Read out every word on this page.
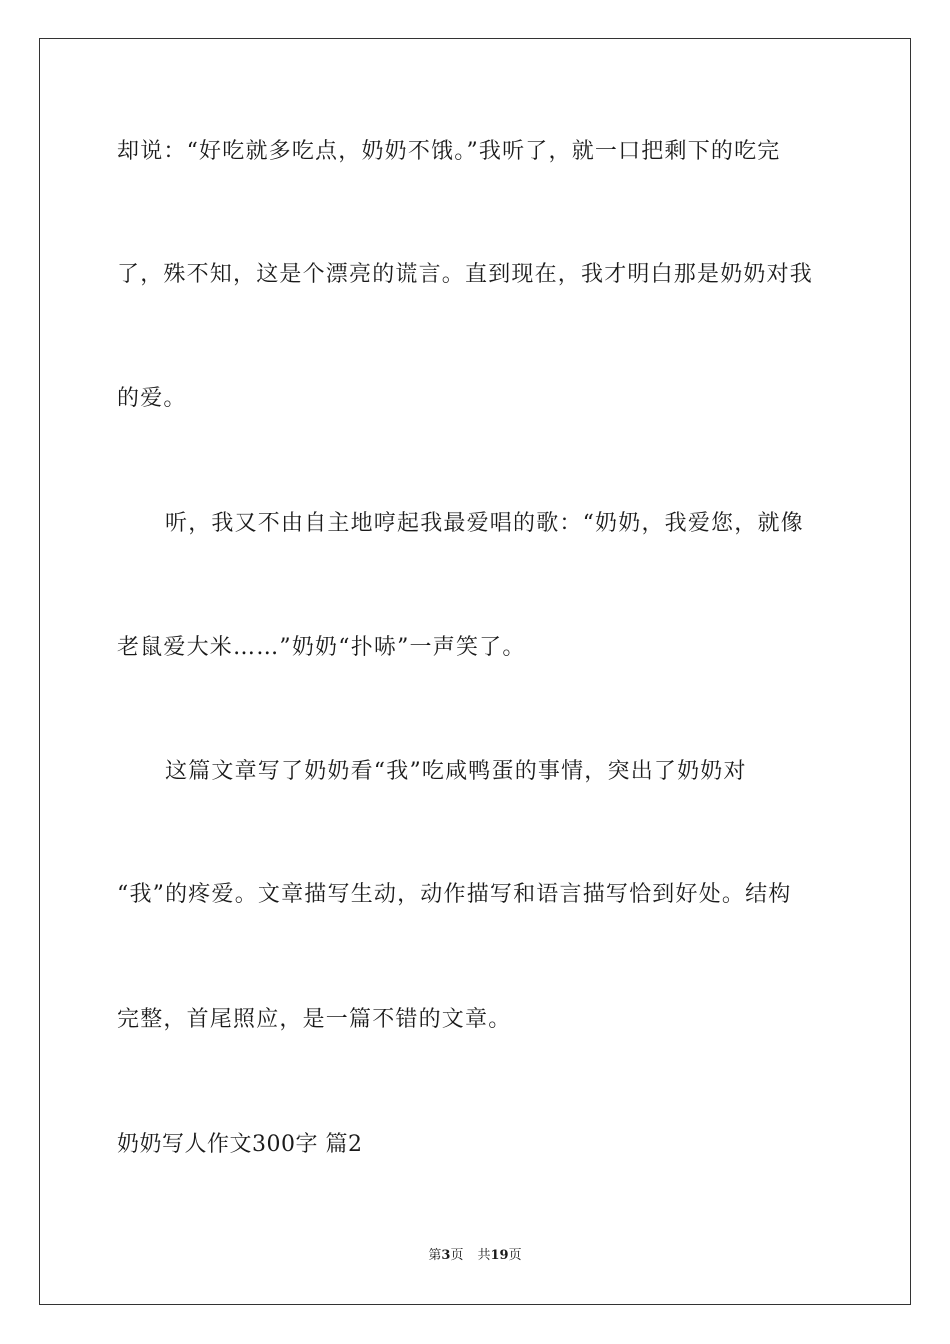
却说：“好吃就多吃点，奶奶不饿。”我听了，就一口把剩下的吃完
了，殊不知，这是个漂亮的谎言。直到现在，我才明白那是奶奶对我
的爱。
听，我又不由自主地哼起我最爱唱的歌：“奶奶，我爱您，就像
老鼠爱大米……”奶奶“扑哧”一声笑了。
这篇文章写了奶奶看“我”吃咸鸭蛋的事情，突出了奶奶对
“我”的疼爱。文章描写生动，动作描写和语言描写恰到好处。结构
完整，首尾照应，是一篇不错的文章。
奶奶写人作文300字 篇2
第3页 共19页
